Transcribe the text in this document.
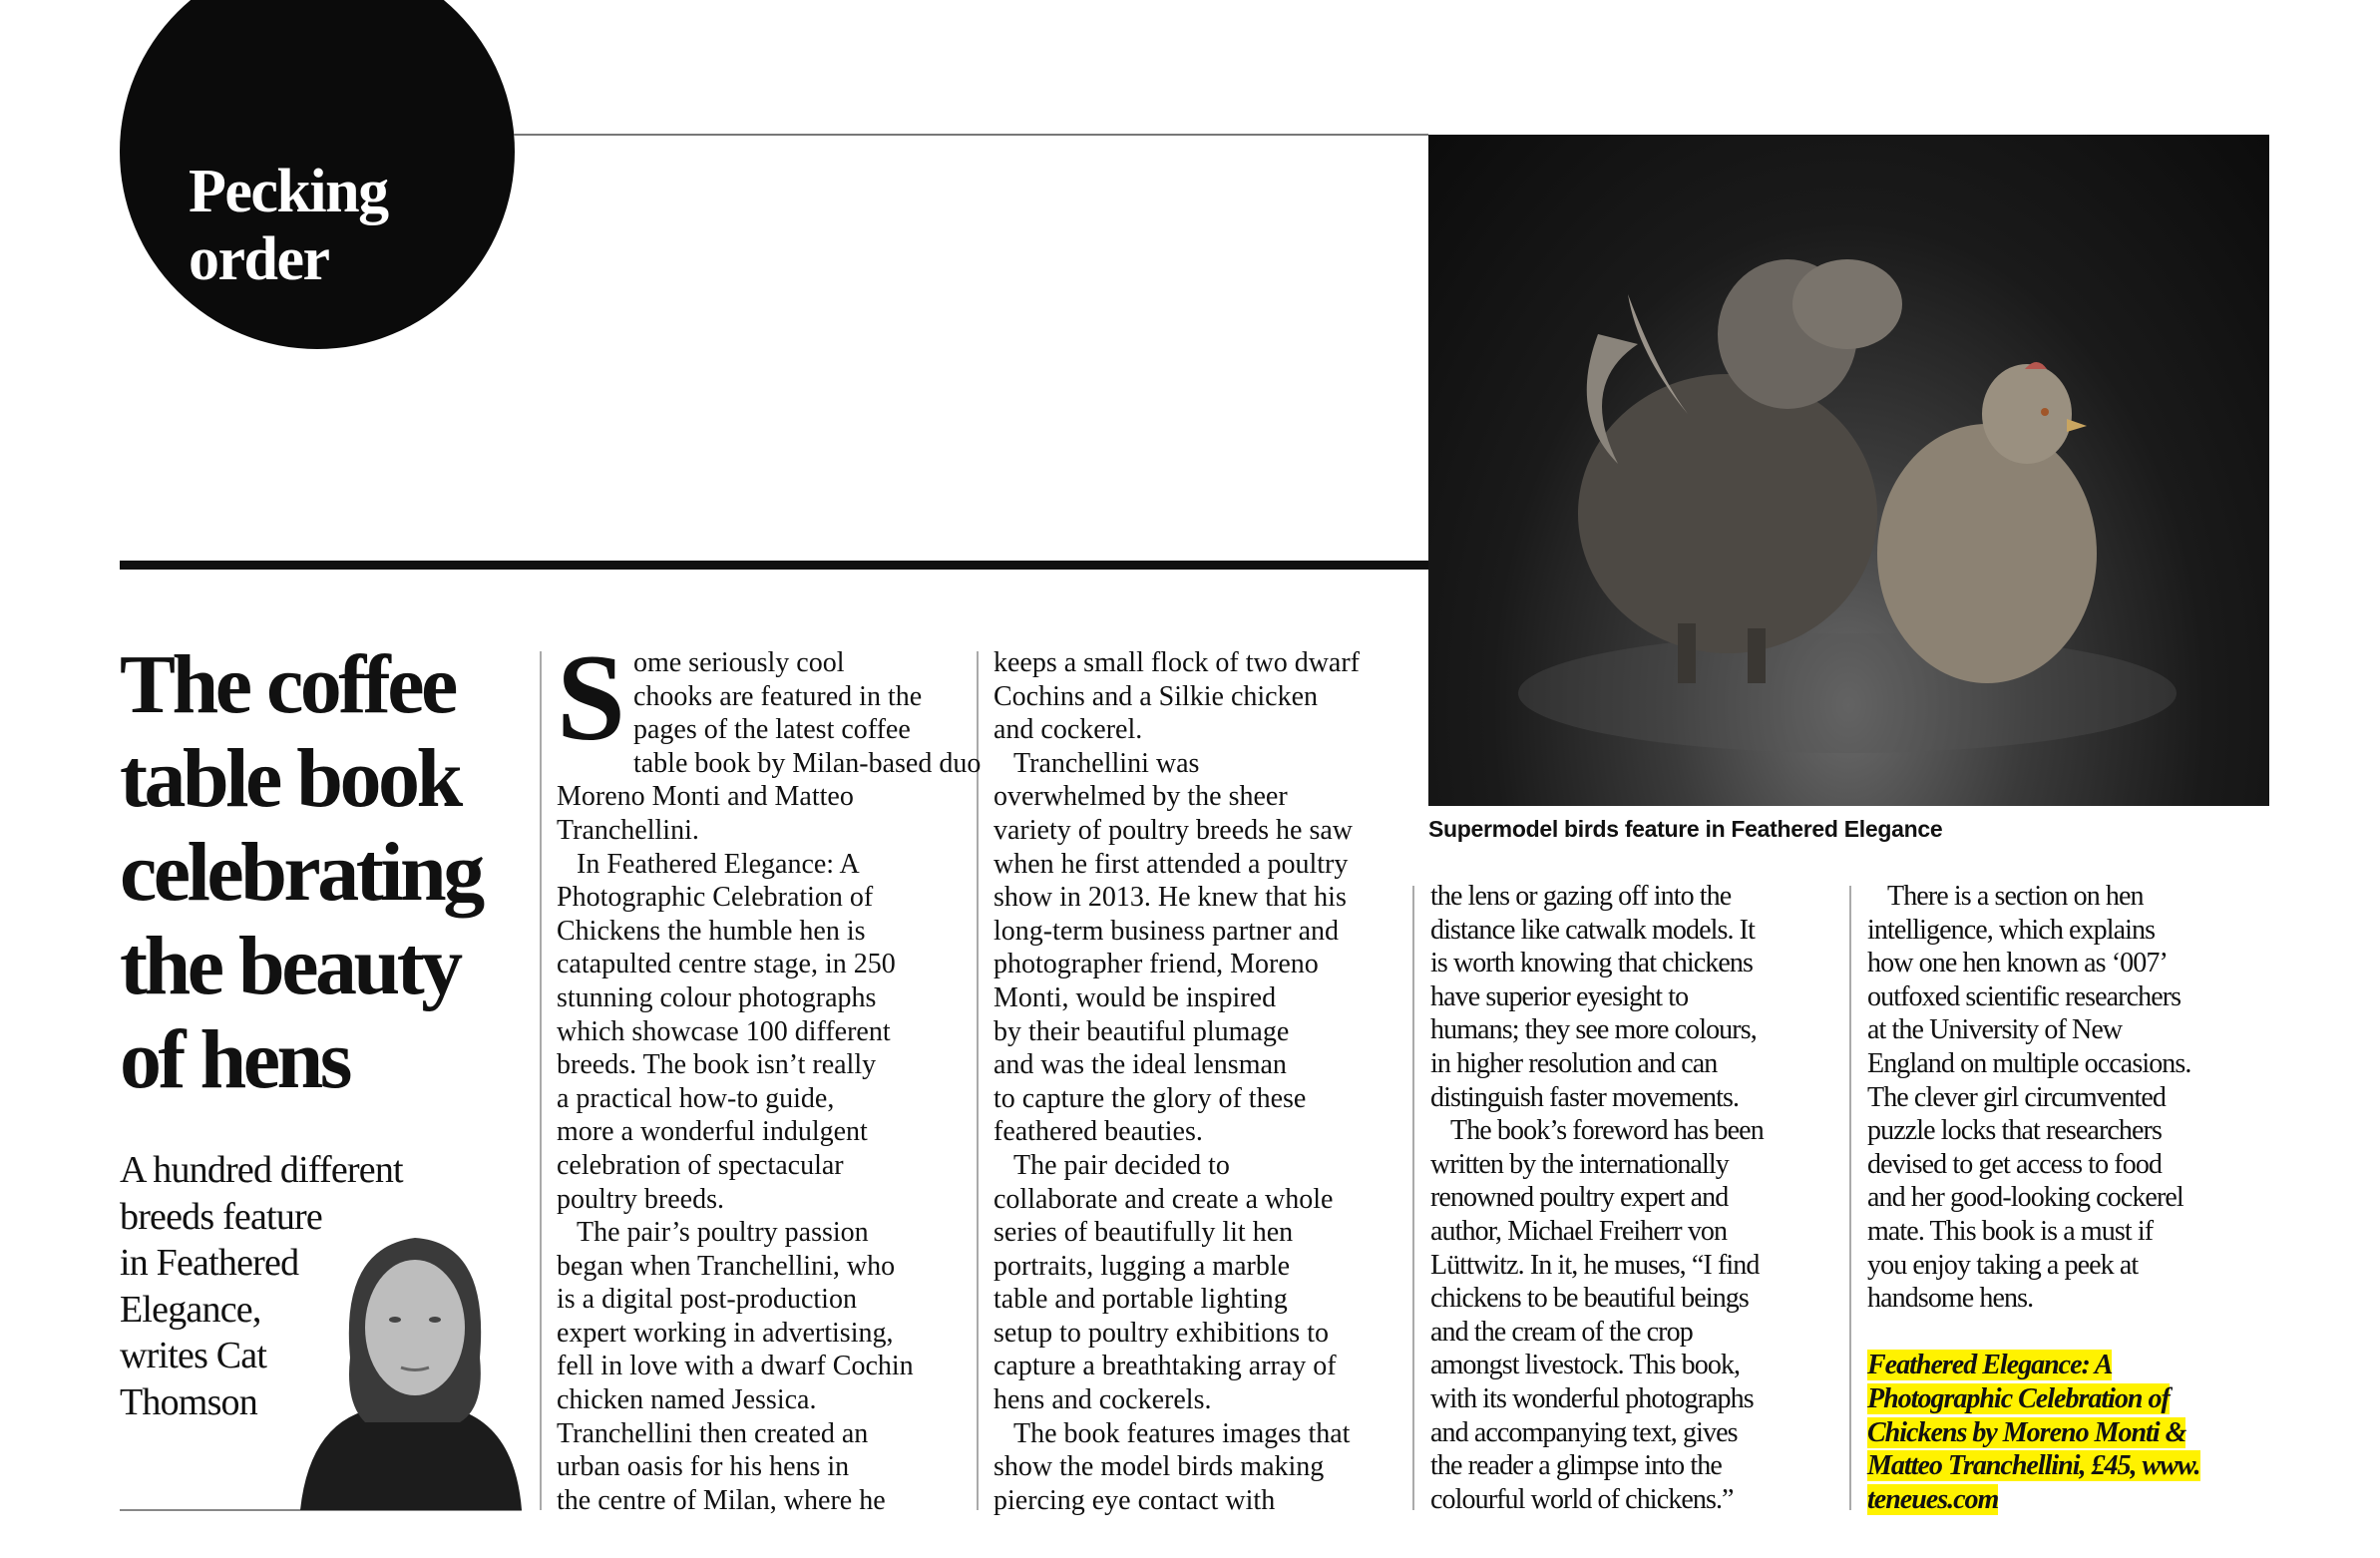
Pecking
order
Supermodel birds feature in Feathered Elegance
The coffee
table book
celebrating
the beauty
of hens
A hundred different
breeds feature
in Feathered
Elegance,
writes Cat
Thomson
S ome seriously cool
chooks are featured in the
pages of the latest coffee
table book by Milan-based duo
Moreno Monti and Matteo
Tranchellini.
In Feathered Elegance: A
Photographic Celebration of
Chickens the humble hen is
catapulted centre stage, in 250
stunning colour photographs
which showcase 100 different
breeds. The book isn’t really
a practical how-to guide,
more a wonderful indulgent
celebration of spectacular
poultry breeds.
The pair’s poultry passion
began when Tranchellini, who
is a digital post-production
expert working in advertising,
fell in love with a dwarf Cochin
chicken named Jessica.
Tranchellini then created an
urban oasis for his hens in
the centre of Milan, where he
keeps a small flock of two dwarf
Cochins and a Silkie chicken
and cockerel.
Tranchellini was
overwhelmed by the sheer
variety of poultry breeds he saw
when he first attended a poultry
show in 2013. He knew that his
long-term business partner and
photographer friend, Moreno
Monti, would be inspired
by their beautiful plumage
and was the ideal lensman
to capture the glory of these
feathered beauties.
The pair decided to
collaborate and create a whole
series of beautifully lit hen
portraits, lugging a marble
table and portable lighting
setup to poultry exhibitions to
capture a breathtaking array of
hens and cockerels.
The book features images that
show the model birds making
piercing eye contact with
the lens or gazing off into the
distance like catwalk models. It
is worth knowing that chickens
have superior eyesight to
humans; they see more colours,
in higher resolution and can
distinguish faster movements.
The book’s foreword has been
written by the internationally
renowned poultry expert and
author, Michael Freiherr von
Lüttwitz. In it, he muses, “I find
chickens to be beautiful beings
and the cream of the crop
amongst livestock. This book,
with its wonderful photographs
and accompanying text, gives
the reader a glimpse into the
colourful world of chickens.”
There is a section on hen
intelligence, which explains
how one hen known as ‘007’
outfoxed scientific researchers
at the University of New
England on multiple occasions.
The clever girl circumvented
puzzle locks that researchers
devised to get access to food
and her good-looking cockerel
mate. This book is a must if
you enjoy taking a peek at
handsome hens.
Feathered Elegance: A
Photographic Celebration of
Chickens by Moreno Monti &
Matteo Tranchellini, £45, www.
teneues.com
